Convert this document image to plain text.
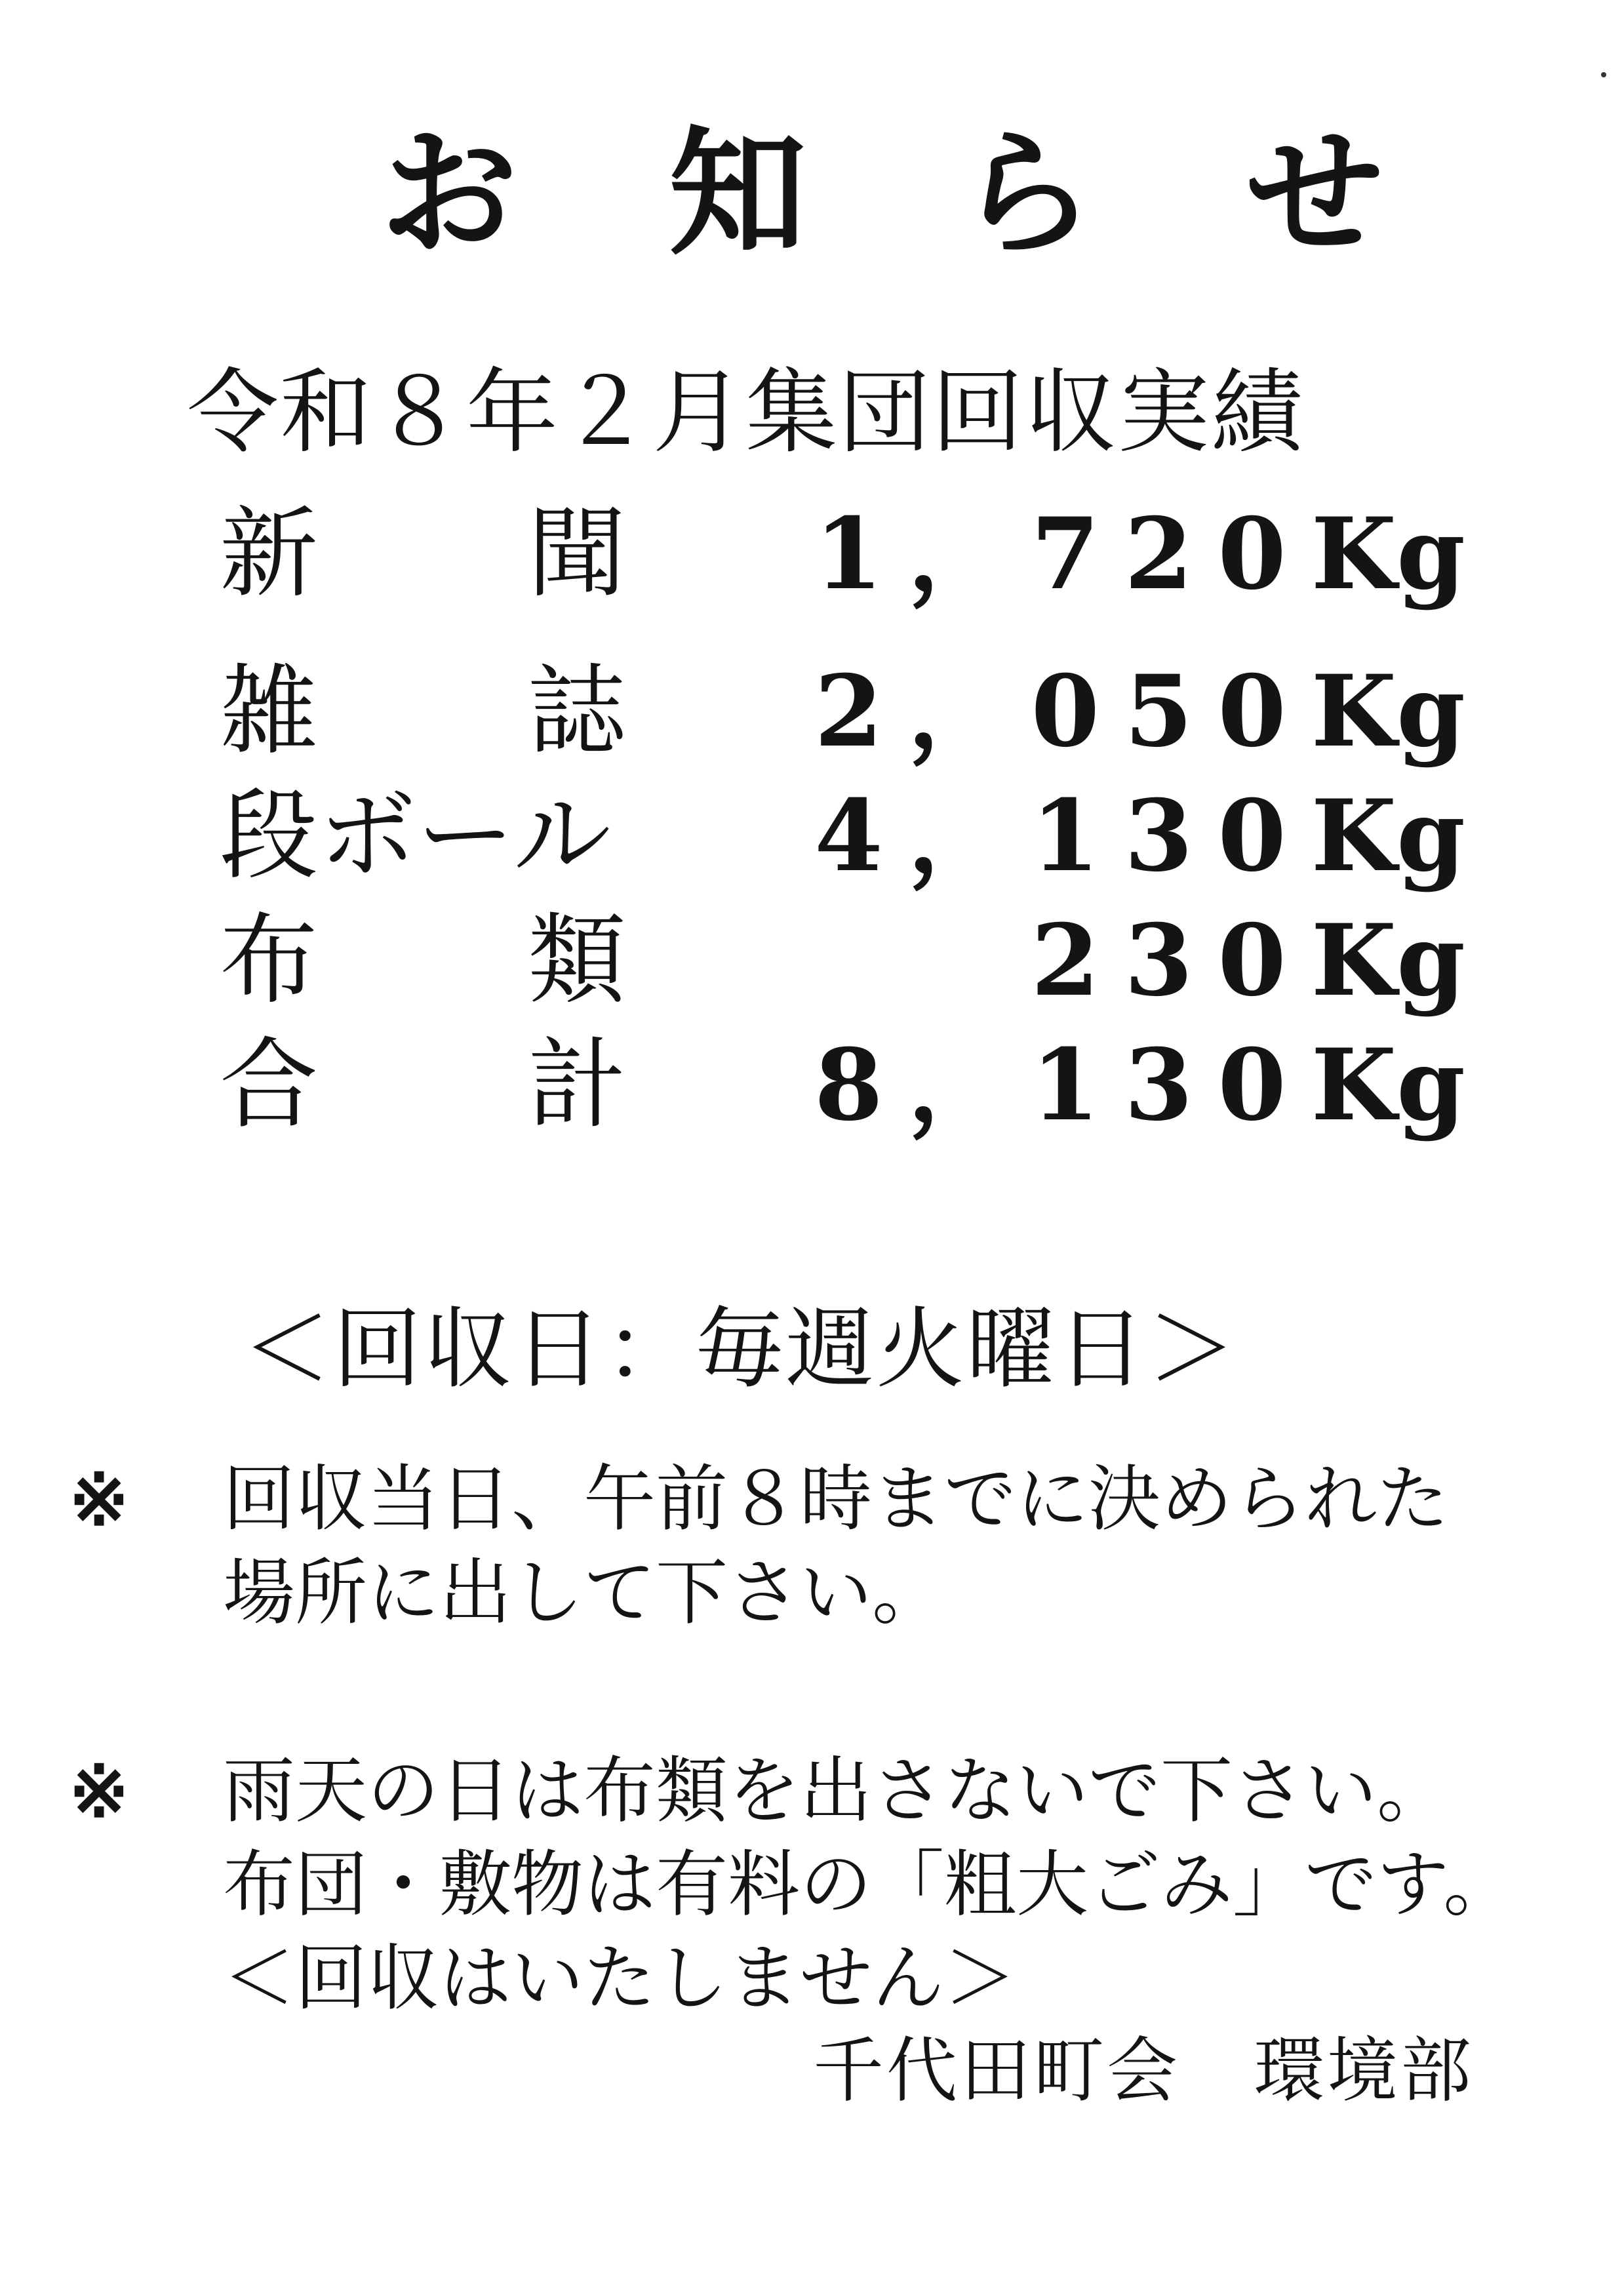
お　知　ら　せ
令和８年２月集団回収実績
新 聞 1，720Kg
雑 誌 2，050Kg
段ボール 4，130Kg
布 類	230Kg
合 計 8，130Kg
＜回収日：毎週火曜日＞
※ 回収当日、午前８時までに決められた
場所に出して下さい。
※ 雨天の日は布類を出さないで下さい。
布団・敷物は有料の「粗大ごみ」です。
＜回収はいたしません＞
千代田町会　環境部
